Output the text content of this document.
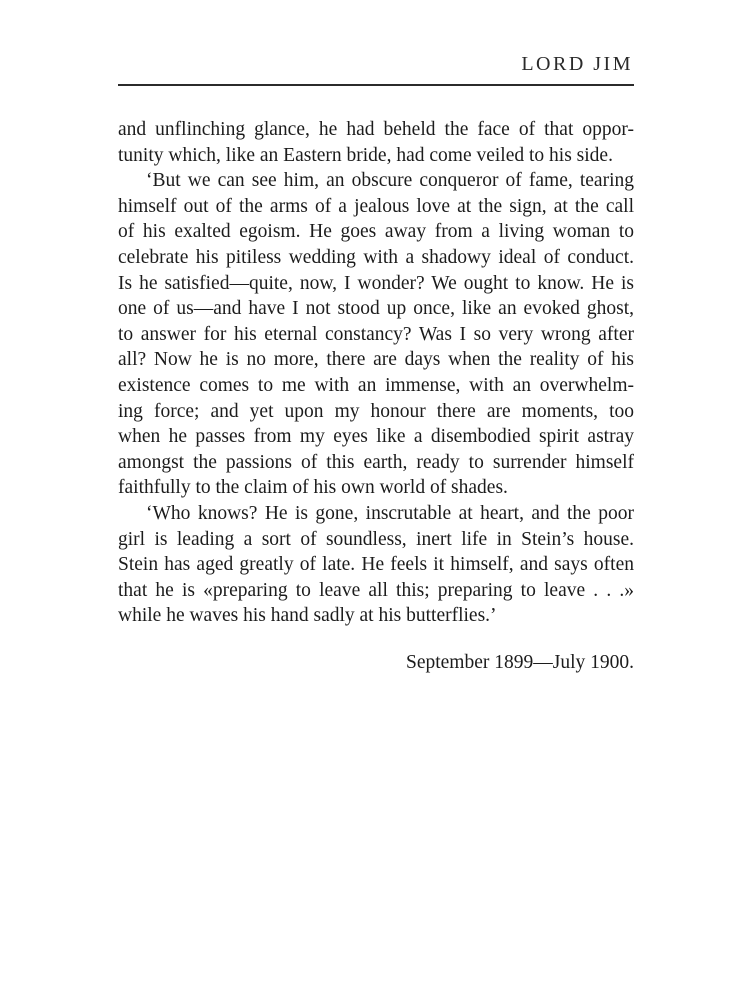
LORD JIM
and unflinching glance, he had beheld the face of that oppor-
tunity which, like an Eastern bride, had come veiled to his side.
‘But we can see him, an obscure conqueror of fame, tearing
himself out of the arms of a jealous love at the sign, at the call
of his exalted egoism. He goes away from a living woman to
celebrate his pitiless wedding with a shadowy ideal of conduct.
Is he satisfied—quite, now, I wonder? We ought to know. He is
one of us—and have I not stood up once, like an evoked ghost,
to answer for his eternal constancy? Was I so very wrong after
all? Now he is no more, there are days when the reality of his
existence comes to me with an immense, with an overwhelm-
ing force; and yet upon my honour there are moments, too
when he passes from my eyes like a disembodied spirit astray
amongst the passions of this earth, ready to surrender himself
faithfully to the claim of his own world of shades.
‘Who knows? He is gone, inscrutable at heart, and the poor
girl is leading a sort of soundless, inert life in Stein’s house.
Stein has aged greatly of late. He feels it himself, and says often
that he is «preparing to leave all this; preparing to leave . . .»
while he waves his hand sadly at his butterflies.’
September 1899—July 1900.
